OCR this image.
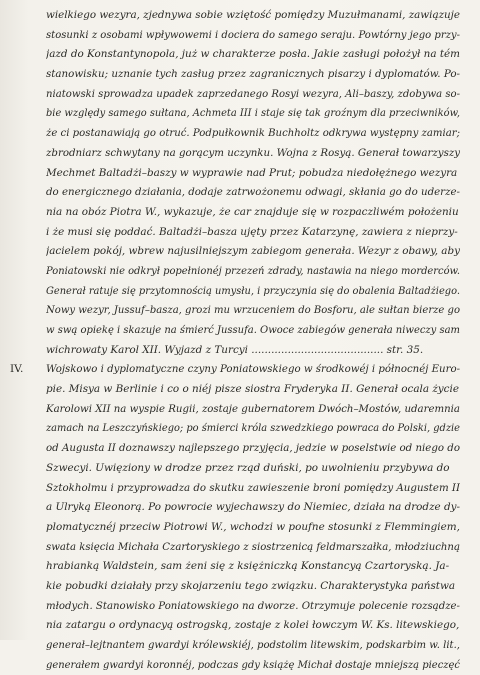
wielkiego wezyra, zjednywa sobie wziętość pomiędzy Muzułmanami, zawiązuje
stosunki z osobami wpływowemi i dociera do samego seraju. Powtórny jego przy-
jazd do Konstantynopola, już w charakterze posła. Jakie zasługi położył na tém
stanowisku; uznanie tych zasług przez zagranicznych pisarzy i dyplomatów. Po-
niatowski sprowadza upadek zaprzedanego Rosyi wezyra, Ali–baszy, zdobywa so-
bie względy samego sułtana, Achmeta III i staje się tak groźnym dla przeciwników,
że ci postanawiają go otruć. Podpułkownik Buchholtz odkrywa występny zamiar;
zbrodniarz schwytany na gorącym uczynku. Wojna z Rosyą. Generał towarzyszy
Mechmet Baltadżi–baszy w wyprawie nad Prut; pobudza niedołężnego wezyra
do energicznego działania, dodaje zatrwożonemu odwagi, skłania go do uderze-
nia na obóz Piotra W., wykazuje, że car znajduje się w rozpaczliwém położeniu
i że musi się poddać. Baltadżi–basza ujęty przez Katarzynę, zawiera z nieprzy-
jacielem pokój, wbrew najusilniejszym zabiegom generała. Wezyr z obawy, aby
Poniatowski nie odkrył popełnionéj przezeń zdrady, nastawia na niego morderców.
Generał ratuje się przytomnością umysłu, i przyczynia się do obalenia Baltadżiego.
Nowy wezyr, Jussuf–basza, grozi mu wrzuceniem do Bosforu, ale sułtan bierze go
w swą opiekę i skazuje na śmierć Jussufa. Owoce zabiegów generała niweczy sam
wichrowaty Karol XII. Wyjazd z Turcyi ........................................ str. 35.
Wojskowo i dyplomatyczne czyny Poniatowskiego w środkowéj i północnéj Euro-
pie. Misya w Berlinie i co o niéj pisze siostra Fryderyka II. Generał ocala życie
Karolowi XII na wyspie Rugii, zostaje gubernatorem Dwóch–Mostów, udaremnia
zamach na Leszczyńskiego; po śmierci króla szwedzkiego powraca do Polski, gdzie
od Augusta II doznawszy najlepszego przyjęcia, jedzie w poselstwie od niego do
Szwecyi. Uwięziony w drodze przez rząd duński, po uwolnieniu przybywa do
Sztokholmu i przyprowadza do skutku zawieszenie broni pomiędzy Augustem II
a Ulryką Eleonorą. Po powrocie wyjechawszy do Niemiec, działa na drodze dy-
plomatycznéj przeciw Piotrowi W., wchodzi w poufne stosunki z Flemmingiem,
swata księcia Michała Czartoryskiego z siostrzenicą feldmarszałka, młodziuchną
hrabianką Waldstein, sam żeni się z księżniczką Konstancyą Czartoryską. Ja-
kie pobudki działały przy skojarzeniu tego związku. Charakterystyka państwa
młodych. Stanowisko Poniatowskiego na dworze. Otrzymuje polecenie rozsądze-
nia zatargu o ordynacyą ostrogską, zostaje z kolei łowczym W. Ks. litewskiego,
generał–lejtnantem gwardyi królewskiéj, podstolim litewskim, podskarbim w. lit.,
generałem gwardyi koronnéj, podczas gdy książę Michał dostaje mniejszą pieczęć
IV.
